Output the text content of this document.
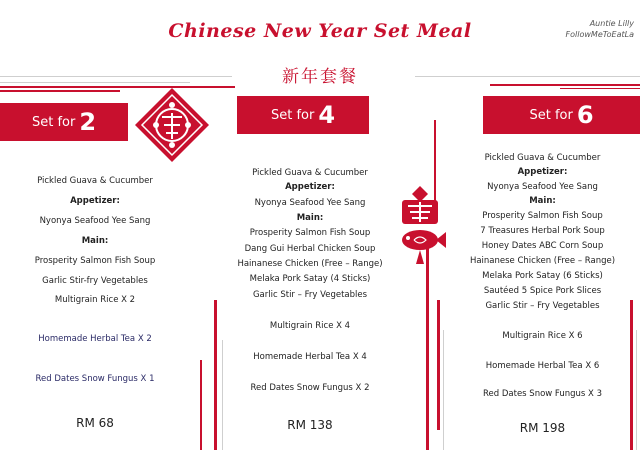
Chinese New Year Set Meal
新年套餐
Auntie Lilly
FollowMeToEatLa
Set for 2	Set for 4	Set for 6
Pickled Guava & Cucumber
Appetizer:
Nyonya Seafood Yee Sang
Main:
Prosperity Salmon Fish Soup
Garlic Stir-fry Vegetables
Multigrain Rice X 2
Homemade Herbal Tea X 2
Red Dates Snow Fungus X 1
RM 68
Pickled Guava & Cucumber
Appetizer:
Nyonya Seafood Yee Sang
Main:
Prosperity Salmon Fish Soup
Dang Gui Herbal Chicken Soup
Hainanese Chicken (Free – Range)
Melaka Pork Satay (4 Sticks)
Garlic Stir – Fry Vegetables
Multigrain Rice X 4
Homemade Herbal Tea X 4
Red Dates Snow Fungus X 2
RM 138
Pickled Guava & Cucumber
Appetizer:
Nyonya Seafood Yee Sang
Main:
Prosperity Salmon Fish Soup
7 Treasures Herbal Pork Soup
Honey Dates ABC Corn Soup
Hainanese Chicken (Free – Range)
Melaka Pork Satay (6 Sticks)
Sautéed 5 Spice Pork Slices
Garlic Stir – Fry Vegetables
Multigrain Rice X 6
Homemade Herbal Tea X 6
Red Dates Snow Fungus X 3
RM 198
